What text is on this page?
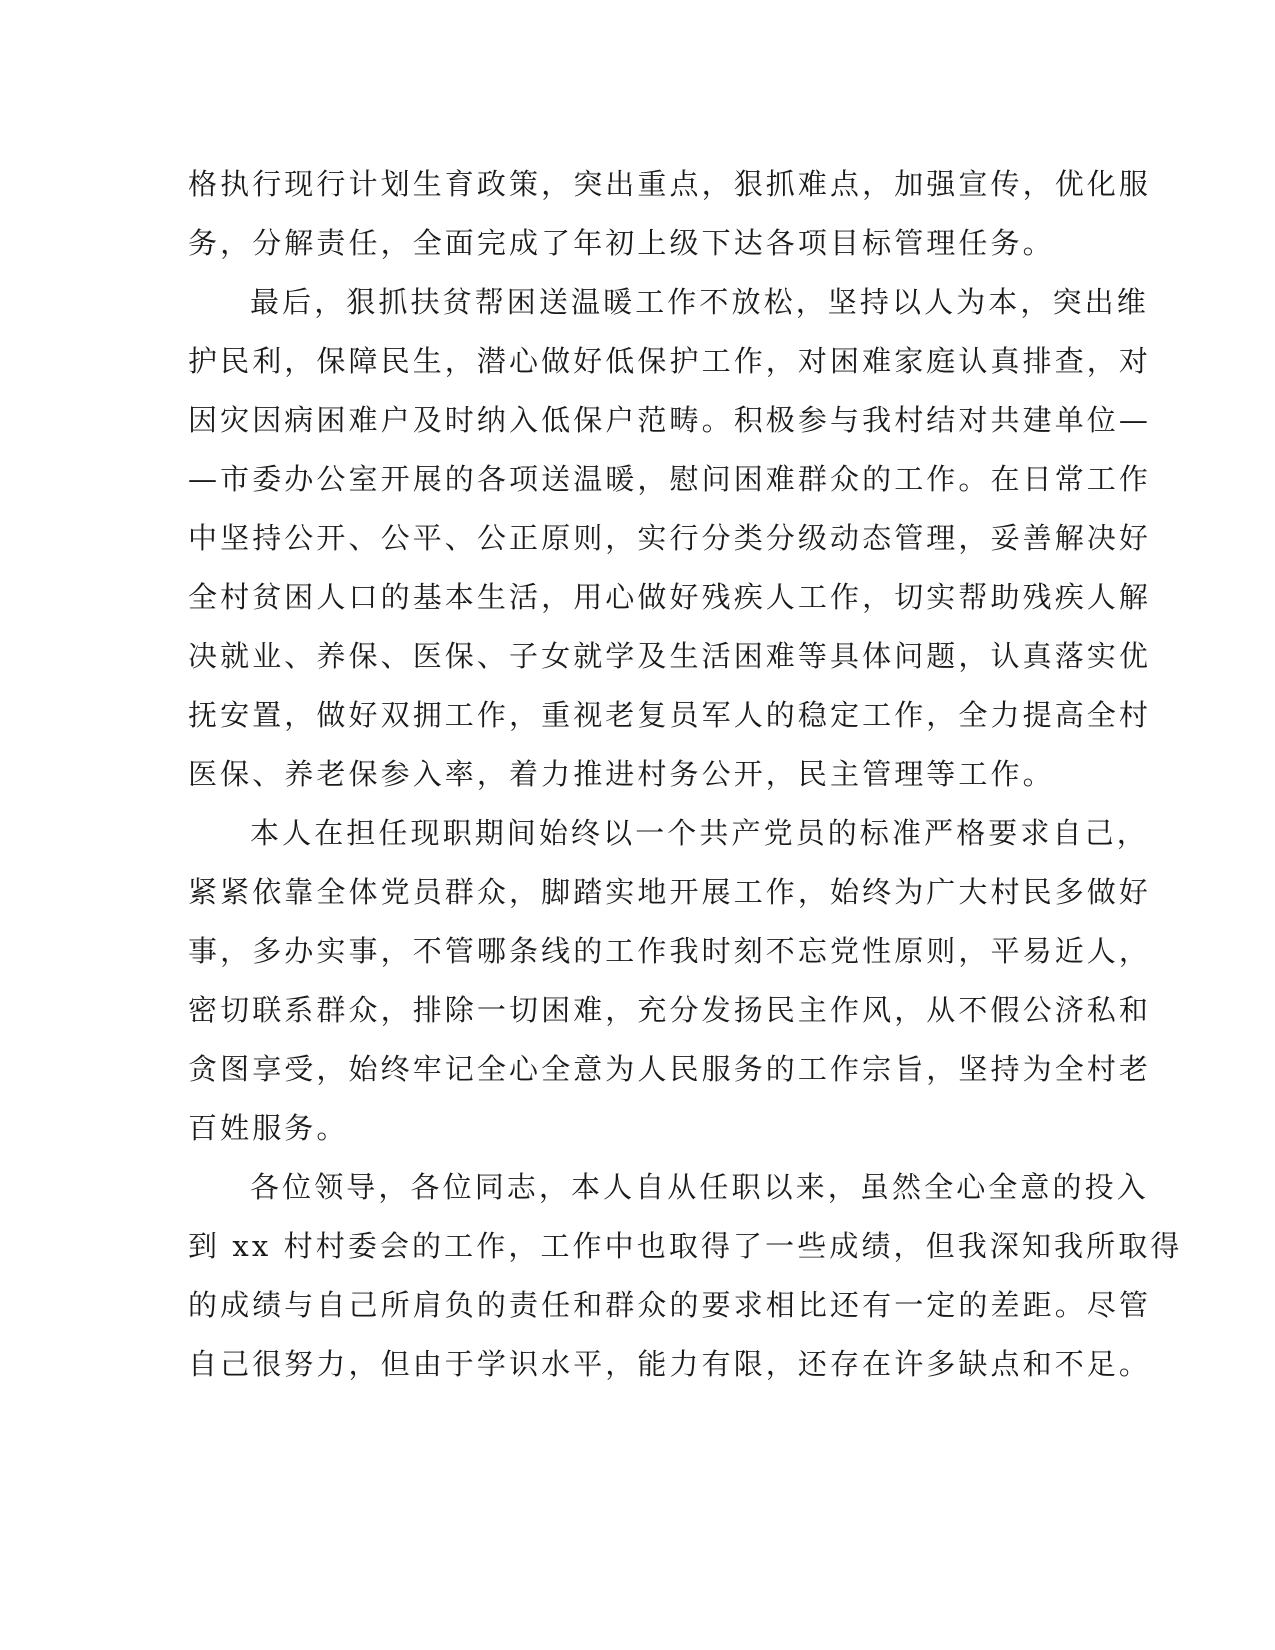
格执行现行计划生育政策，突出重点，狠抓难点，加强宣传，优化服
务，分解责任，全面完成了年初上级下达各项目标管理任务。
最后，狠抓扶贫帮困送温暖工作不放松，坚持以人为本，突出维
护民利，保障民生，潜心做好低保护工作，对困难家庭认真排查，对
因灾因病困难户及时纳入低保户范畴。积极参与我村结对共建单位—
—市委办公室开展的各项送温暖，慰问困难群众的工作。在日常工作
中坚持公开、公平、公正原则，实行分类分级动态管理，妥善解决好
全村贫困人口的基本生活，用心做好残疾人工作，切实帮助残疾人解
决就业、养保、医保、子女就学及生活困难等具体问题，认真落实优
抚安置，做好双拥工作，重视老复员军人的稳定工作，全力提高全村
医保、养老保参入率，着力推进村务公开，民主管理等工作。
本人在担任现职期间始终以一个共产党员的标准严格要求自己，
紧紧依靠全体党员群众，脚踏实地开展工作，始终为广大村民多做好
事，多办实事，不管哪条线的工作我时刻不忘党性原则，平易近人，
密切联系群众，排除一切困难，充分发扬民主作风，从不假公济私和
贪图享受，始终牢记全心全意为人民服务的工作宗旨，坚持为全村老
百姓服务。
各位领导，各位同志，本人自从任职以来，虽然全心全意的投入
到 xx 村村委会的工作，工作中也取得了一些成绩，但我深知我所取得
的成绩与自己所肩负的责任和群众的要求相比还有一定的差距。尽管
自己很努力，但由于学识水平，能力有限，还存在许多缺点和不足。
